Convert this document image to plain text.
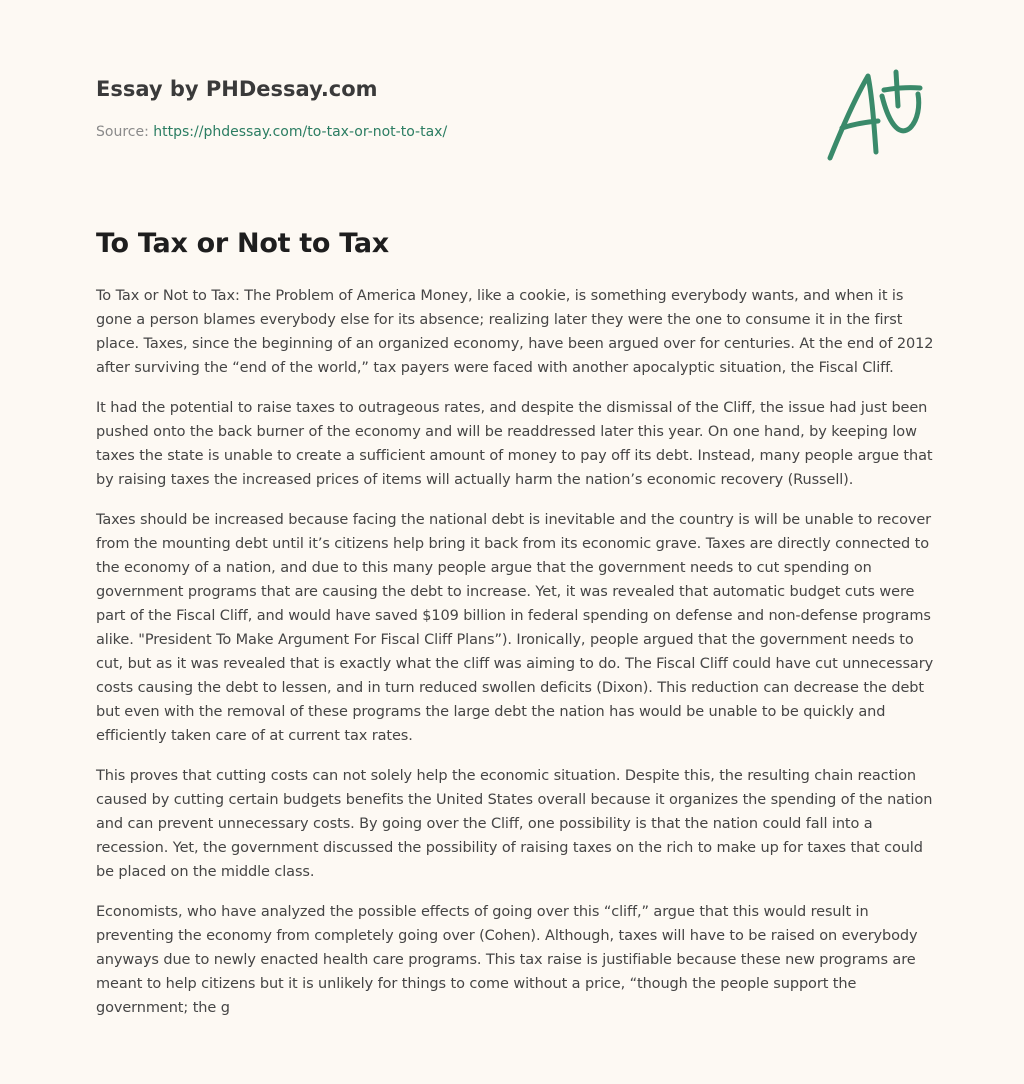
Essay by PHDessay.com
Source: https://phdessay.com/to-tax-or-not-to-tax/
To Tax or Not to Tax

To Tax or Not to Tax: The Problem of America Money, like a cookie, is something everybody wants, and when it is gone a person blames everybody else for its absence; realizing later they were the one to consume it in the first place. Taxes, since the beginning of an organized economy, have been argued over for centuries. At the end of 2012 after surviving the “end of the world,” tax payers were faced with another apocalyptic situation, the Fiscal Cliff.

It had the potential to raise taxes to outrageous rates, and despite the dismissal of the Cliff, the issue had just been pushed onto the back burner of the economy and will be readdressed later this year. On one hand, by keeping low taxes the state is unable to create a sufficient amount of money to pay off its debt. Instead, many people argue that by raising taxes the increased prices of items will actually harm the nation’s economic recovery (Russell).

Taxes should be increased because facing the national debt is inevitable and the country is will be unable to recover from the mounting debt until it’s citizens help bring it back from its economic grave. Taxes are directly connected to the economy of a nation, and due to this many people argue that the government needs to cut spending on government programs that are causing the debt to increase. Yet, it was revealed that automatic budget cuts were part of the Fiscal Cliff, and would have saved $109 billion in federal spending on defense and non-defense programs alike. "President To Make Argument For Fiscal Cliff Plans”). Ironically, people argued that the government needs to cut, but as it was revealed that is exactly what the cliff was aiming to do. The Fiscal Cliff could have cut unnecessary costs causing the debt to lessen, and in turn reduced swollen deficits (Dixon). This reduction can decrease the debt but even with the removal of these programs the large debt the nation has would be unable to be quickly and efficiently taken care of at current tax rates.

This proves that cutting costs can not solely help the economic situation. Despite this, the resulting chain reaction caused by cutting certain budgets benefits the United States overall because it organizes the spending of the nation and can prevent unnecessary costs. By going over the Cliff, one possibility is that the nation could fall into a recession. Yet, the government discussed the possibility of raising taxes on the rich to make up for taxes that could be placed on the middle class.

Economists, who have analyzed the possible effects of going over this “cliff,” argue that this would result in preventing the economy from completely going over (Cohen). Although, taxes will have to be raised on everybody anyways due to newly enacted health care programs. This tax raise is justifiable because these new programs are meant to help citizens but it is unlikely for things to come without a price, “though the people support the government; the g
